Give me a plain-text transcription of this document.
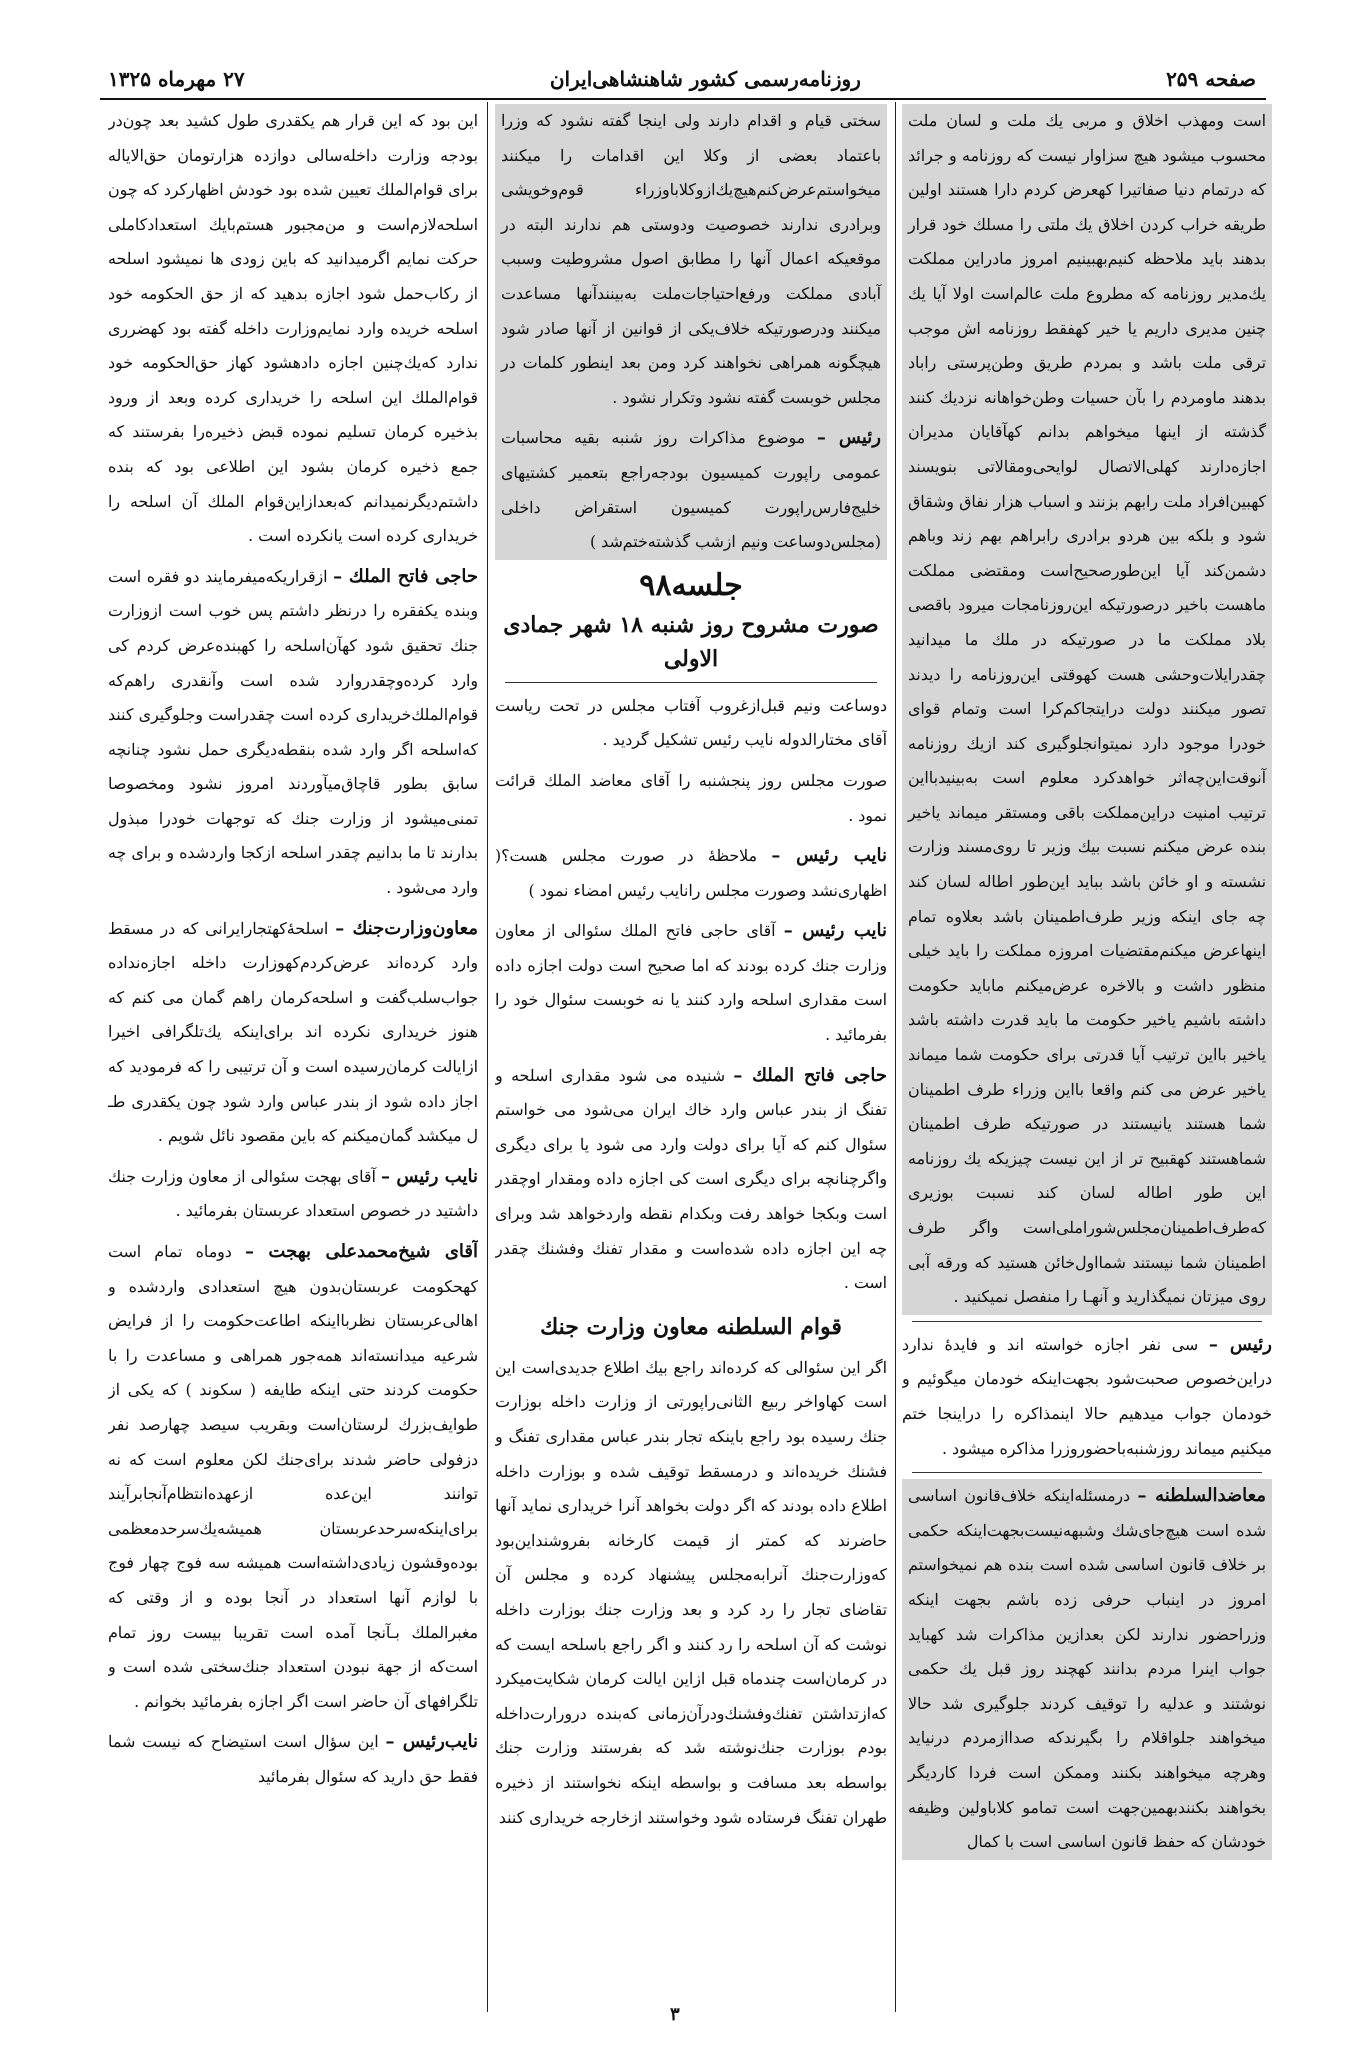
صفحه ۲۵۹
روزنامه‌رسمی کشور شاهنشاهی‌ایران
۲۷ مهرماه ۱۳۲۵

است ومهذب اخلاق و مربی یك ملت و لسان ملت محسوب میشود هیچ سزاوار نیست که روزنامه و جرائد که درتمام دنیا صفاتیرا کهعرض کردم دارا هستند اولین طریقه خراب کردن اخلاق یك ملتی را مسلك خود قرار بدهند باید ملاحظه کنیم‌بهبینیم امروز مادراین مملکت یك‌مدیر روزنامه که مطروع ملت عالم‌است اولا آیا یك چنین مدیری داریم یا خیر کهفقط روزنامه اش موجب ترقی ملت باشد و بمردم طریق وطن‌پرستی راباد بدهند ماومردم را بآن حسیات وطن‌خواهانه نزدیك کنند گذشته از اینها میخواهم بدانم کهآقایان مدیران اجازه‌دارند کهلی‌الاتصال لوایحی‌ومقالاتی بنویسند کهبین‌افراد ملت رابهم بزنند و اسباب هزار نفاق وشقاق شود و بلکه بین هردو برادری رابراهم بهم زند وباهم دشمن‌کند آیا این‌طورصحیح‌است ومقتضی مملکت ماهست باخیر درصورتیکه این‌روزنامجات میرود باقصی بلاد مملکت ما در صورتیکه در ملك ما میدانید چقدرایلات‌وحشی هست کهوقتی این‌روزنامه را دیدند تصور میکنند دولت درایتجاکم‌کرا است وتمام قوای خودرا موجود دارد نمیتوانجلوگیری کند ازیك روزنامه آنوقت‌این‌چه‌اثر خواهد‌کرد معلوم است به‌بینید‌بااین ترتیب امنیت دراین‌مملکت باقی ومستقر میماند یاخیر بنده عرض میکنم نسبت بیك وزیر تا روی‌مسند وزارت نشسته و او خائن باشد بباید این‌طور اطاله لسان کند چه جای اینکه وزیر طرف‌اطمینان باشد بعلاوه تمام اینهاعرض میکنم‌مقتضیات امروزه مملکت را باید خیلی منظور داشت و بالاخره عرض‌میکنم ماباید حکومت داشته باشیم یاخیر حکومت ما باید قدرت داشته باشد یاخیر بااین ترتیب آیا قدرتی برای حکومت شما میماند یاخیر عرض می کنم واقعا بااین وزراء طرف اطمینان شما هستند یانیستند در صورتیکه طرف اطمینان شماهستند کهقبیح تر از این نیست چیزیکه یك روزنامه این طور اطاله لسان کند نسبت بوزیری که‌طرف‌اطمینان‌مجلس‌شوراملی‌است واگر طرف اطمینان شما نیستند شما‌اول‌خائن هستید که ورقه آبی روی میزتان نمیگذارید و آنهـا را منفصل نمیکنید .

رئیس – سی نفر اجازه خواسته اند و فایدهٔ ندارد دراین‌خصوص صحبت‌شود بجهت‌اینکه خودمان میگوئیم و خودمان جواب میدهیم حالا اینمذاکره را دراینجا ختم میکنیم میماند روزشنبه‌باحضوروزرا مذاکره میشود .

معاضدالسلطنه – درمسئله‌اینکه خلاف‌قانون اساسی شده است هیچ‌جای‌شك وشبهه‌نیست‌بجهت‌اینکه حکمی بر خلاف قانون اساسی شده است بنده هم نمیخواستم امروز در اینباب حرفی زده باشم بجهت اینکه وزراحضور ندارند لکن بعدازین مذاکرات شد کهباید جواب اینرا مردم بدانند کهچند روز قبل یك حکمی نوشتند و عدلیه را توقیف کردند جلوگیری شد حالا میخواهند جلواقلام را بگیرند‌که صداازمردم درنیاید وهرچه میخواهند بکنند وممکن است فردا کاردیگر بخواهند بکنند‌بهمین‌جهت است تمامو کلاباولین وظیفه خودشان که حفظ قانون اساسی است با کمال

سختی قیام و اقدام دارند ولی اینجا گفته نشود که وزرا باعتماد بعضی از وکلا این اقدامات را میکنند میخواستم‌عرض‌کنم‌هیچ‌یك‌ازو‌کلاباوزراء قوم‌وخویشی وبرادری ندارند خصوصیت ودوستی هم ندارند البته در موقعیکه اعمال آنها را مطابق اصول مشروطیت وسبب آبادی مملکت ورفع‌احتیاجات‌ملت به‌بینند‌آنها مساعدت میکنند ودرصورتیکه خلاف‌یکی از قوانین از آنها صادر شود هیچگونه همراهی نخواهند کرد ومن بعد اینطور کلمات در مجلس خوبست گفته نشود وتکرار نشود .

رئیس – موضوع مذاکرات روز شنبه بقیه محاسبات عمومی راپورت کمیسیون بودجه‌راجع بتعمیر کشتیهای خلیج‌فارس‌راپورت کمیسیون استقراض داخلی (مجلس‌دوساعت ونیم ازشب گذشته‌ختم‌شد )

جلسه۹۸
صورت مشروح روز شنبه ۱۸ شهر جمادی الاولی

دوساعت ونیم قبل‌ازغروب آفتاب مجلس در تحت ریاست آقای مختارالدوله نایب رئیس تشکیل گردید .

صورت مجلس روز پنجشنبه را آقای معاضد الملك قرائت نمود .

نایب رئیس – ملاحظهٔ در صورت مجلس هست؟( اظهاری‌نشد وصورت مجلس رانایب رئیس امضاء نمود )

نایب رئیس – آقای حاجی فاتح الملك سئوالی از معاون وزارت جنك کرده بودند که اما صحیح است دولت اجازه داده است مقداری اسلحه وارد کنند یا نه خوبست سئوال خود را بفرمائید .

حاجی فاتح الملك – شنیده می شود مقداری اسلحه و تفنگ از بندر عباس وارد خاك ایران می‌شود می خواستم سئوال کنم که آیا برای دولت وارد می شود یا برای دیگری واگرچنانچه برای دیگری است کی اجازه داده ومقدار اوچقدر است وبکجا خواهد رفت وبکدام نقطه واردخواهد شد وبرای چه این اجازه داده شده‌است و مقدار تفنك وفشنك چقدر است .

قوام السلطنه معاون وزارت جنك

اگر این سئوالی که کرده‌اند راجع بیك اطلاع جدیدی‌است این است کهاواخر ربیع الثانی‌راپورتی از وزارت داخله بوزارت جنك رسیده بود راجع باینکه تجار بندر عباس مقداری تفنگ و فشنك خریده‌اند و درمسقط توقیف شده و بوزارت داخله اطلاع داده بودند که اگر دولت بخواهد آنرا خریداری نماید آنها حاضرند که کمتر از قیمت کارخانه بفروشند‌این‌بود که‌وزارت‌جنك آنرا‌به‌مجلس پیشنهاد کرده و مجلس آن تقاضای تجار را رد کرد و بعد وزارت جنك بوزارت داخله نوشت که آن اسلحه را رد کنند و اگر راجع باسلحه ایست که در کرمان‌است چندماه قبل ازاین ایالت کرمان شکایت‌میکرد که‌ازتداشتن تفنك‌وفشنك‌ودرآن‌زمانی که‌بنده درورارت‌داخله بودم بوزارت جنك‌نوشته شد که بفرستند وزارت جنك بواسطه بعد مسافت و بواسطه اینکه نخواستند از ذخیره طهران تفنگ فرستاده شود وخواستند ازخارجه خریداری کنند

این بود که این قرار هم یکقدری طول کشید بعد چون‌در بودجه وزارت داخله‌سالی دوازده هزارتومان حق‌الایاله برای قوام‌الملك تعیین شده بود خودش اظهارکرد که چون اسلحه‌لازم‌است و من‌مجبور هستم‌بایك استعداد‌کاملی حرکت نمایم اگرمیدانید که باین زودی ها نمیشود اسلحه از رکاب‌حمل شود اجازه بدهید که از حق الحکومه خود اسلحه خریده وارد نمایم‌وزارت داخله گفته بود کهضرری ندارد که‌یك‌چنین اجازه دادهشود کهاز حق‌الحکومه خود قوام‌الملك این اسلحه را خریداری کرده وبعد از ورود بذخیره کرمان تسلیم نموده قبض ذخیره‌را بفرستند که جمع ذخیره کرمان بشود این اطلاعی بود که بنده داشتم‌دیگرنمیدانم که‌بعدازاین‌قوام الملك آن اسلحه را خریداری کرده است یانکرده است .

حاجی فاتح الملك – ازقراریکه‌میفرمایند دو فقره است وبنده یکفقره را درنظر داشتم پس خوب است ازوزارت جنك تحقیق شود کهآن‌اسلحه را کهبنده‌عرض کردم کی وارد کرده‌وچقدر‌وارد شده است وآنقدری راهم‌که قوام‌الملك‌خریداری کرده است چقدراست وجلوگیری کنند که‌اسلحه اگر وارد شده بنقطه‌دیگری حمل نشود چنانچه سابق بطور قاچاق‌میآوردند امروز نشود ومخصوصا تمنی‌میشود از وزارت جنك که توجهات خودرا مبذول بدارند تا ما بدانیم چقدر اسلحه ازکجا واردشده و برای چه وارد می‌شود .

معاون‌وزارت‌جنك – اسلحهٔ‌کهتجارایرانی که در مسقط وارد کرده‌اند عرض‌کردم‌کهوزارت داخله اجازه‌نداده جواب‌سلب‌گفت و اسلحه‌کرمان راهم گمان می کنم که هنوز خریداری نکرده اند برای‌اینکه یك‌تلگرافی اخیرا ازایالت کرمان‌رسیده است و آن ترتیبی را که فرمودید که اجاز داده شود از بندر عباس وارد شود چون یکقدری طـ ل میکشد گمان‌میکنم که باین مقصود نائل شویم .

نایب رئیس – آقای بهجت سئوالی از معاون وزارت جنك داشتید در خصوص استعداد عربستان بفرمائید .

آقای شیخ‌محمدعلی بهجت – دوماه تمام است کهحکومت عربستان‌بدون هیچ استعدادی واردشده و اهالی‌عربستان نظربااینکه اطاعت‌حکومت را از فرایض شرعیه میدانسته‌اند همه‌جور همراهی و مساعدت را با حکومت کردند حتی اینکه طایفه ( سکوند ) که یکی از طوایف‌بزرك لرستان‌است وبقریب سیصد چهارصد نفر دزفولی حاضر شدند برای‌جنك لکن معلوم است که نه توانند این‌عده ازعهده‌انتظام‌آنجابرآیند برای‌اینکه‌سرحدعربستان همیشه‌یك‌سرحد‌معظمی بوده‌وقشون زیادی‌داشته‌است همیشه سه فوج چهار فوج با لوازم آنها استعداد در آنجا بوده و از وقتی که مغبرالملك بـآنجا آمده است تقریبا بیست روز تمام است‌که از جهة نبودن استعداد جنك‌سختی شده است و تلگرافهای آن حاضر است اگر اجازه بفرمائید بخوانم .

نایب‌رئیس – این سؤال است استیضاح که نیست شما فقط حق دارید که سئوال بفرمائید

۳
